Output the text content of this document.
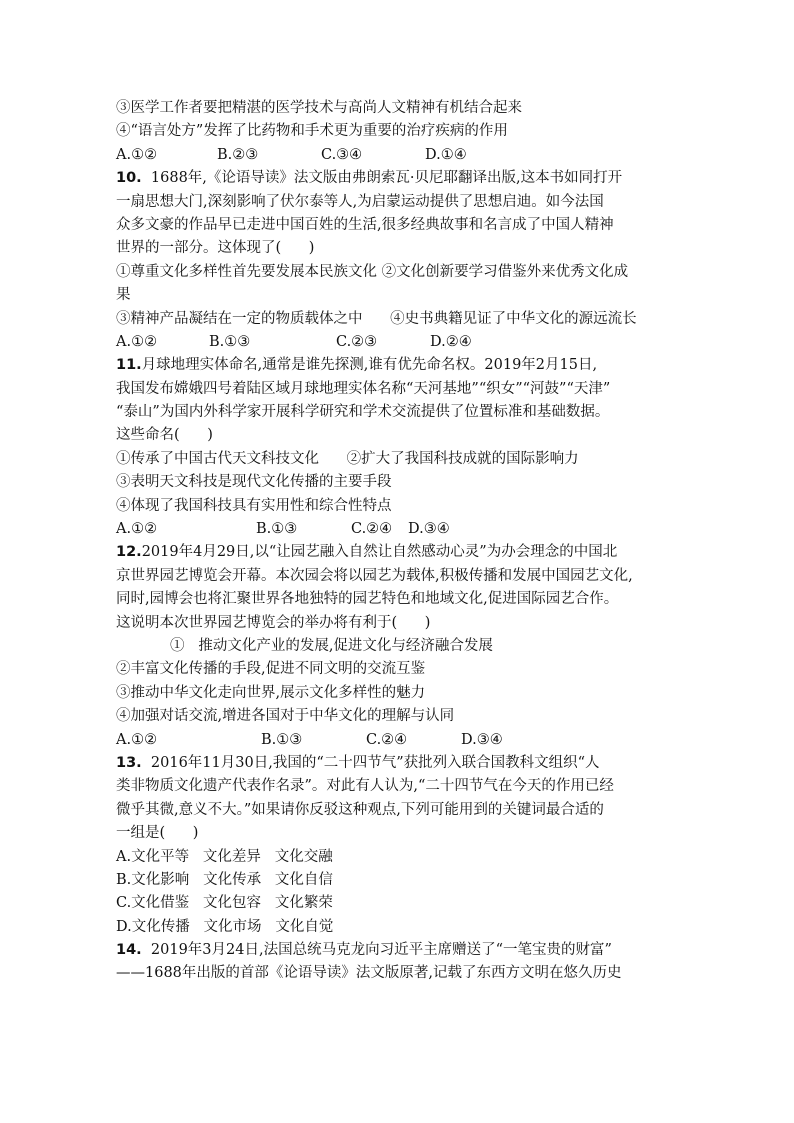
③医学工作者要把精湛的医学技术与高尚人文精神有机结合起来
④“语言处方”发挥了比药物和手术更为重要的治疗疾病的作用
A.①②	B.②③	C.③④	D.①④
10. 1688年,《论语导读》法文版由弗朗索瓦·贝尼耶翻译出版,这本书如同打开
一扇思想大门,深刻影响了伏尔泰等人,为启蒙运动提供了思想启迪。如今法国
众多文豪的作品早已走进中国百姓的生活,很多经典故事和名言成了中国人精神
世界的一部分。这体现了(      )
①尊重文化多样性首先要发展本民族文化 ②文化创新要学习借鉴外来优秀文化成
果
③精神产品凝结在一定的物质载体之中      ④史书典籍见证了中华文化的源远流长
A.①②	B.①③	C.②③	D.②④
11.月球地理实体命名,通常是谁先探测,谁有优先命名权。2019年2月15日,
我国发布嫦娥四号着陆区域月球地理实体名称“天河基地”“织女”“河鼓”“天津”
“泰山”为国内外科学家开展科学研究和学术交流提供了位置标准和基础数据。
这些命名(      )
①传承了中国古代天文科技文化      ②扩大了我国科技成就的国际影响力
③表明天文科技是现代文化传播的主要手段
④体现了我国科技具有实用性和综合性特点
A.①②	B.①③	C.②④	D.③④
12.2019年4月29日,以“让园艺融入自然让自然感动心灵”为办会理念的中国北
京世界园艺博览会开幕。本次园会将以园艺为载体,积极传播和发展中国园艺文化,
同时,园博会也将汇聚世界各地独特的园艺特色和地域文化,促进国际园艺合作。
这说明本次世界园艺博览会的举办将有利于(      )
①   推动文化产业的发展,促进文化与经济融合发展
②丰富文化传播的手段,促进不同文明的交流互鉴
③推动中华文化走向世界,展示文化多样性的魅力
④加强对话交流,增进各国对于中华文化的理解与认同
A.①②	B.①③	C.②④	D.③④
13. 2016年11月30日,我国的“二十四节气”获批列入联合国教科文组织“人
类非物质文化遗产代表作名录”。对此有人认为,“二十四节气在今天的作用已经
微乎其微,意义不大。”如果请你反驳这种观点,下列可能用到的关键词最合适的
一组是(      )
A.文化平等   文化差异   文化交融
B.文化影响   文化传承   文化自信
C.文化借鉴   文化包容   文化繁荣
D.文化传播   文化市场   文化自觉
14. 2019年3月24日,法国总统马克龙向习近平主席赠送了“一笔宝贵的财富”
——1688年出版的首部《论语导读》法文版原著,记载了东西方文明在悠久历史
